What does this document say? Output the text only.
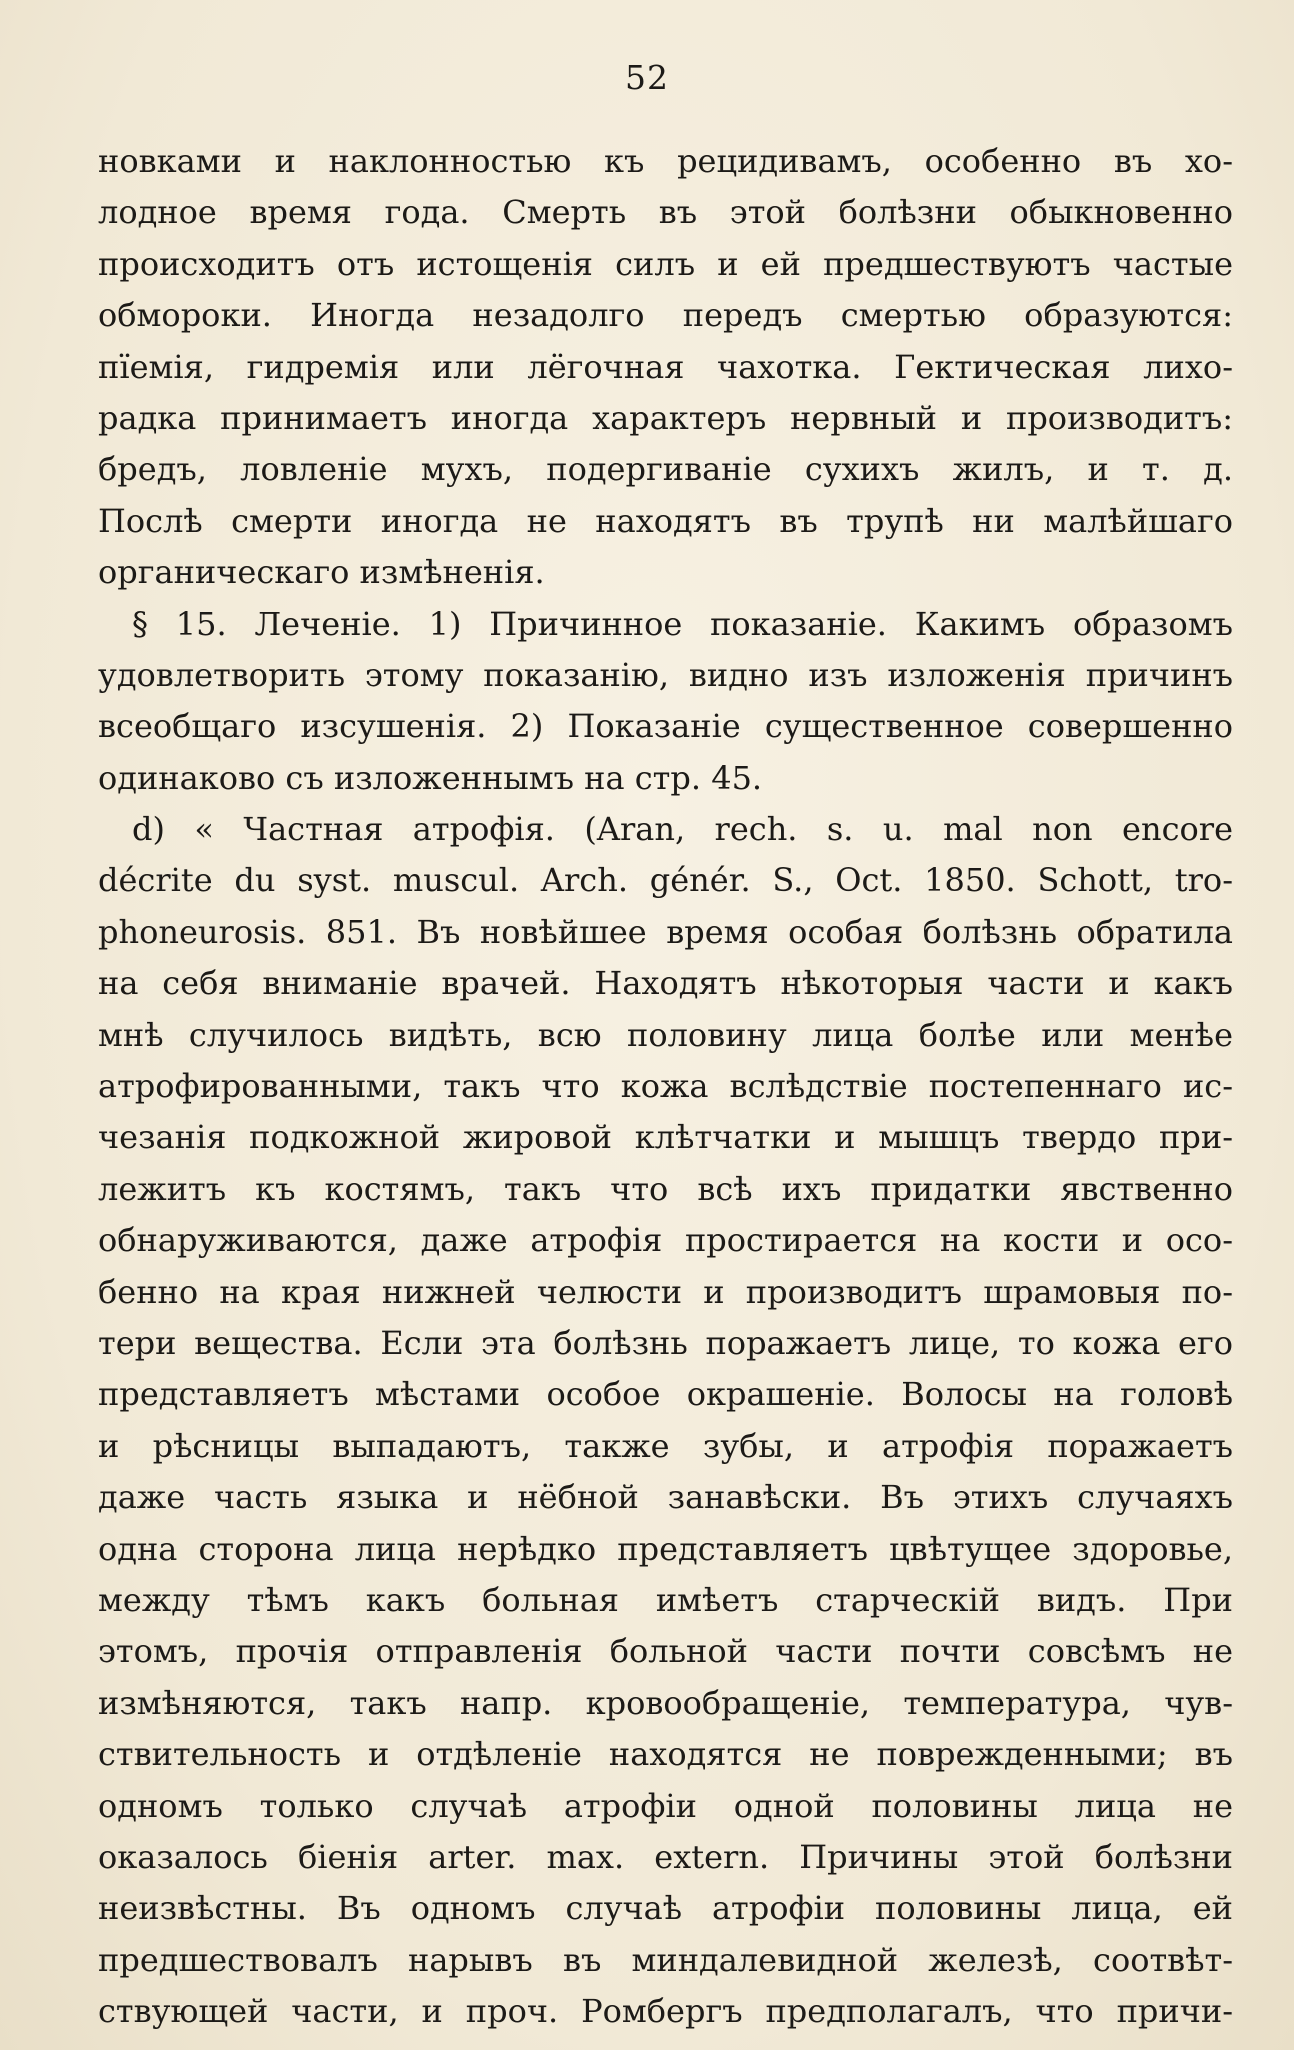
52
новками и наклонностью къ рецидивамъ, особенно въ хо-
лодное время года. Смерть въ этой болѣзни обыкновенно
происходитъ отъ истощенія силъ и ей предшествуютъ частые
обмороки. Иногда незадолго передъ смертью образуются:
пїемія, гидремія или лёгочная чахотка. Гектическая лихо-
радка принимаетъ иногда характеръ нервный и производитъ:
бредъ, ловленіе мухъ, подергиваніе сухихъ жилъ, и т. д.
Послѣ смерти иногда не находятъ въ трупѣ ни малѣйшаго
органическаго измѣненія.
§ 15. Леченіе. 1) Причинное показаніе. Какимъ образомъ
удовлетворить этому показанію, видно изъ изложенія причинъ
всеобщаго изсушенія. 2) Показаніе существенное совершенно
одинаково съ изложеннымъ на стр. 45.
d) « Частная атрофія. (Aran, rech. s. u. mal non encore
décrite du syst. muscul. Arch. génér. S., Oct. 1850. Schott, tro-
phoneurosis. 851. Въ новѣйшее время особая болѣзнь обратила
на себя вниманіе врачей. Находятъ нѣкоторыя части и какъ
мнѣ случилось видѣть, всю половину лица болѣе или менѣе
атрофированными, такъ что кожа вслѣдствіе постепеннаго ис-
чезанія подкожной жировой клѣтчатки и мышцъ твердо при-
лежитъ къ костямъ, такъ что всѣ ихъ придатки явственно
обнаруживаются, даже атрофія простирается на кости и осо-
бенно на края нижней челюсти и производитъ шрамовыя по-
тери вещества. Если эта болѣзнь поражаетъ лице, то кожа его
представляетъ мѣстами особое окрашеніе. Волосы на головѣ
и рѣсницы выпадаютъ, также зубы, и атрофія поражаетъ
даже часть языка и нёбной занавѣски. Въ этихъ случаяхъ
одна сторона лица нерѣдко представляетъ цвѣтущее здоровье,
между тѣмъ какъ больная имѣетъ старческій видъ. При
этомъ, прочія отправленія больной части почти совсѣмъ не
измѣняются, такъ напр. кровообращеніе, температура, чув-
ствительность и отдѣленіе находятся не поврежденными; въ
одномъ только случаѣ атрофіи одной половины лица не
оказалось біенія arter. max. extern. Причины этой болѣзни
неизвѣстны. Въ одномъ случаѣ атрофіи половины лица, ей
предшествовалъ нарывъ въ миндалевидной железѣ, соотвѣт-
ствующей части, и проч. Ромбергъ предполагалъ, что причи-
